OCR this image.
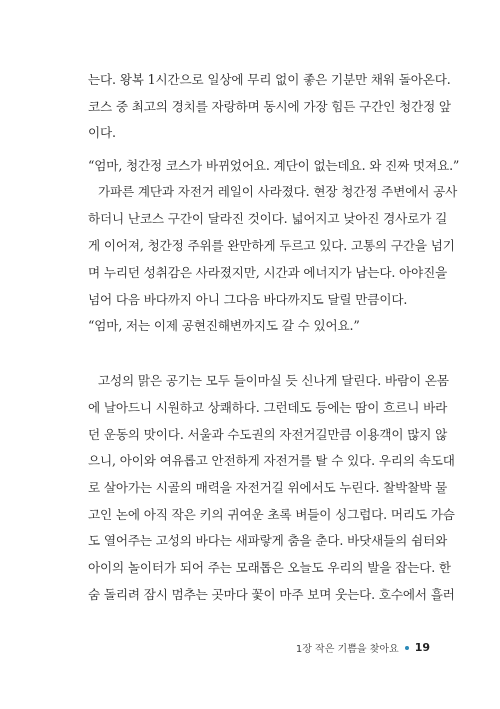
는다. 왕복 1시간으로 일상에 무리 없이 좋은 기분만 채워 돌아온다.
코스 중 최고의 경치를 자랑하며 동시에 가장 힘든 구간인 청간정 앞
이다.
“엄마, 청간정 코스가 바뀌었어요. 계단이 없는데요. 와 진짜 멋져요.”
가파른 계단과 자전거 레일이 사라졌다. 현장 청간정 주변에서 공사
하더니 난코스 구간이 달라진 것이다. 넓어지고 낮아진 경사로가 길
게 이어져, 청간정 주위를 완만하게 두르고 있다. 고통의 구간을 넘기
며 누리던 성취감은 사라졌지만, 시간과 에너지가 남는다. 아야진을
넘어 다음 바다까지 아니 그다음 바다까지도 달릴 만큼이다.
“엄마, 저는 이제 공현진해변까지도 갈 수 있어요.”
고성의 맑은 공기는 모두 들이마실 듯 신나게 달린다. 바람이 온몸
에 날아드니 시원하고 상쾌하다. 그런데도 등에는 땀이 흐르니 바라
던 운동의 맛이다. 서울과 수도권의 자전거길만큼 이용객이 많지 않
으니, 아이와 여유롭고 안전하게 자전거를 탈 수 있다. 우리의 속도대
로 살아가는 시골의 매력을 자전거길 위에서도 누린다. 찰박찰박 물
고인 논에 아직 작은 키의 귀여운 초록 벼들이 싱그럽다. 머리도 가슴
도 열어주는 고성의 바다는 새파랗게 춤을 춘다. 바닷새들의 쉼터와
아이의 놀이터가 되어 주는 모래톱은 오늘도 우리의 발을 잡는다. 한
숨 돌리려 잠시 멈추는 곳마다 꽃이 마주 보며 웃는다. 호수에서 흘러
1장 작은 기쁨을 찾아요 19
